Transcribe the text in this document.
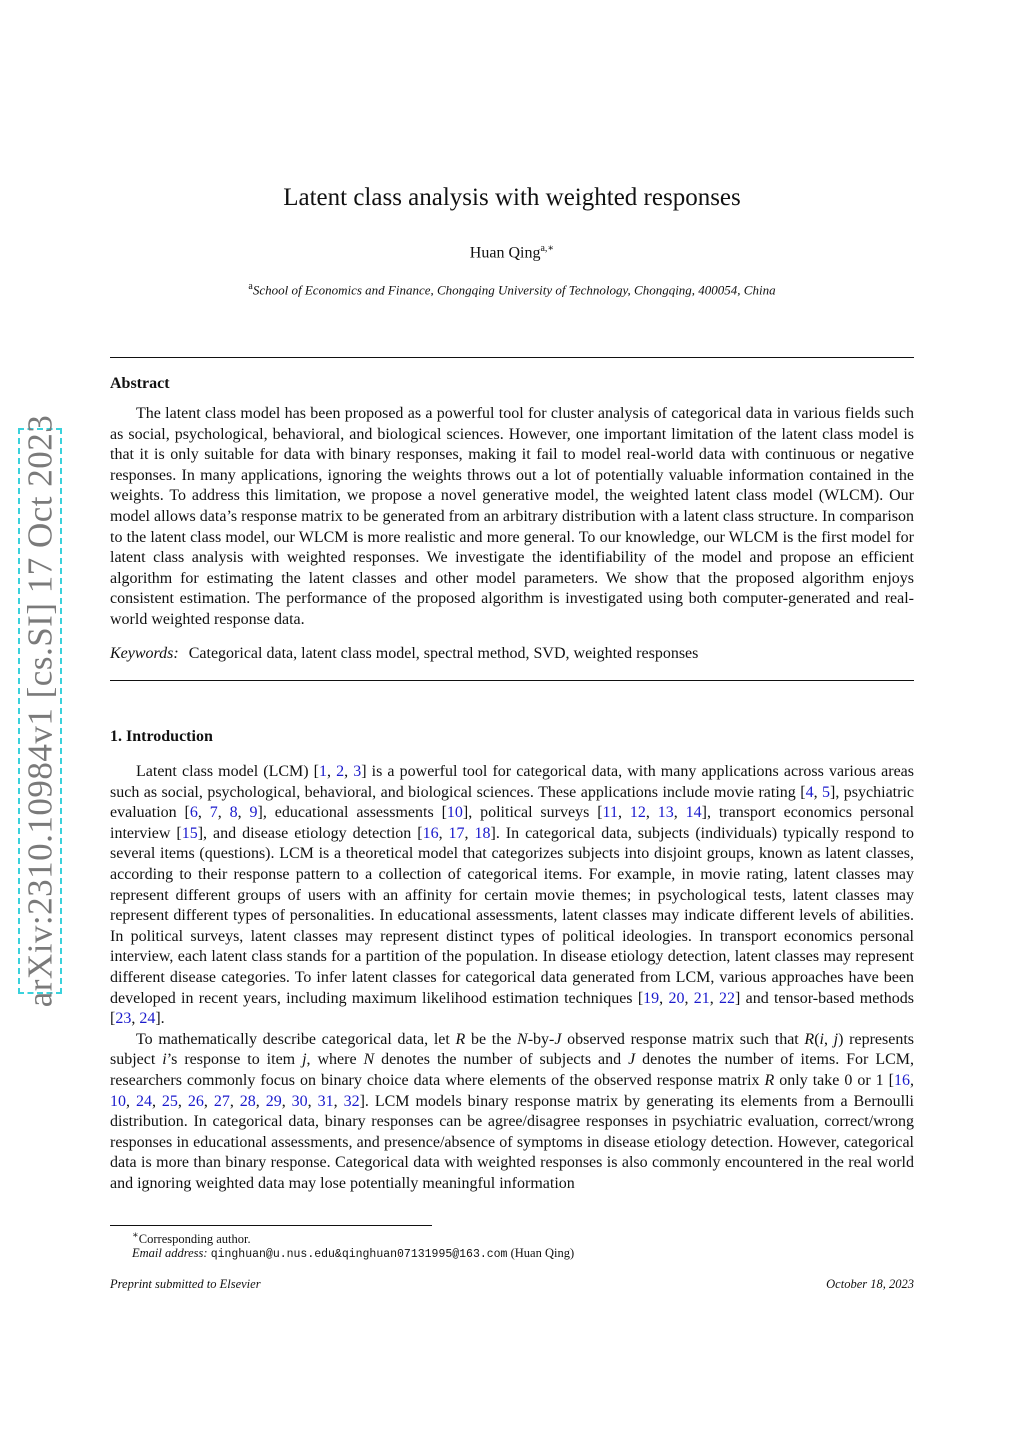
arXiv:2310.10984v1 [cs.SI] 17 Oct 2023
Latent class analysis with weighted responses
Huan Qing$^{a,∗}$
$^a$School of Economics and Finance, Chongqing University of Technology, Chongqing, 400054, China
Abstract

The latent class model has been proposed as a powerful tool for cluster analysis of categorical data in various fields such as social, psychological, behavioral, and biological sciences. However, one important limitation of the latent class model is that it is only suitable for data with binary responses, making it fail to model real-world data with continuous or negative responses. In many applications, ignoring the weights throws out a lot of potentially valuable information contained in the weights. To address this limitation, we propose a novel generative model, the weighted latent class model (WLCM). Our model allows data’s response matrix to be generated from an arbitrary distribution with a latent class structure. In comparison to the latent class model, our WLCM is more realistic and more general. To our knowledge, our WLCM is the first model for latent class analysis with weighted responses. We investigate the identifiability of the model and propose an efficient algorithm for estimating the latent classes and other model parameters. We show that the proposed algorithm enjoys consistent estimation. The performance of the proposed algorithm is investigated using both computer-generated and real-world weighted response data.

Keywords: Categorical data, latent class model, spectral method, SVD, weighted responses
1. Introduction

Latent class model (LCM) [1, 2, 3] is a powerful tool for categorical data, with many applications across various areas such as social, psychological, behavioral, and biological sciences. These applications include movie rating [4, 5], psychiatric evaluation [6, 7, 8, 9], educational assessments [10], political surveys [11, 12, 13, 14], transport economics personal interview [15], and disease etiology detection [16, 17, 18]. In categorical data, subjects (individuals) typically respond to several items (questions). LCM is a theoretical model that categorizes subjects into disjoint groups, known as latent classes, according to their response pattern to a collection of categorical items. For example, in movie rating, latent classes may represent different groups of users with an affinity for certain movie themes; in psychological tests, latent classes may represent different types of personalities. In educational assessments, latent classes may indicate different levels of abilities. In political surveys, latent classes may represent distinct types of political ideologies. In transport economics personal interview, each latent class stands for a partition of the population. In disease etiology detection, latent classes may represent different disease categories. To infer latent classes for categorical data generated from LCM, various approaches have been developed in recent years, including maximum likelihood estimation techniques [19, 20, 21, 22] and tensor-based methods [23, 24].

To mathematically describe categorical data, let R be the N-by-J observed response matrix such that R(i, j) represents subject i’s response to item j, where N denotes the number of subjects and J denotes the number of items. For LCM, researchers commonly focus on binary choice data where elements of the observed response matrix R only take 0 or 1 [16, 10, 24, 25, 26, 27, 28, 29, 30, 31, 32]. LCM models binary response matrix by generating its elements from a Bernoulli distribution. In categorical data, binary responses can be agree/disagree responses in psychiatric evaluation, correct/wrong responses in educational assessments, and presence/absence of symptoms in disease etiology detection. However, categorical data is more than binary response. Categorical data with weighted responses is also commonly encountered in the real world and ignoring weighted data may lose potentially meaningful information

∗Corresponding author.
Email address: qinghuan@u.nus.edu&qinghuan07131995@163.com (Huan Qing)
Preprint submitted to Elsevier	October 18, 2023
